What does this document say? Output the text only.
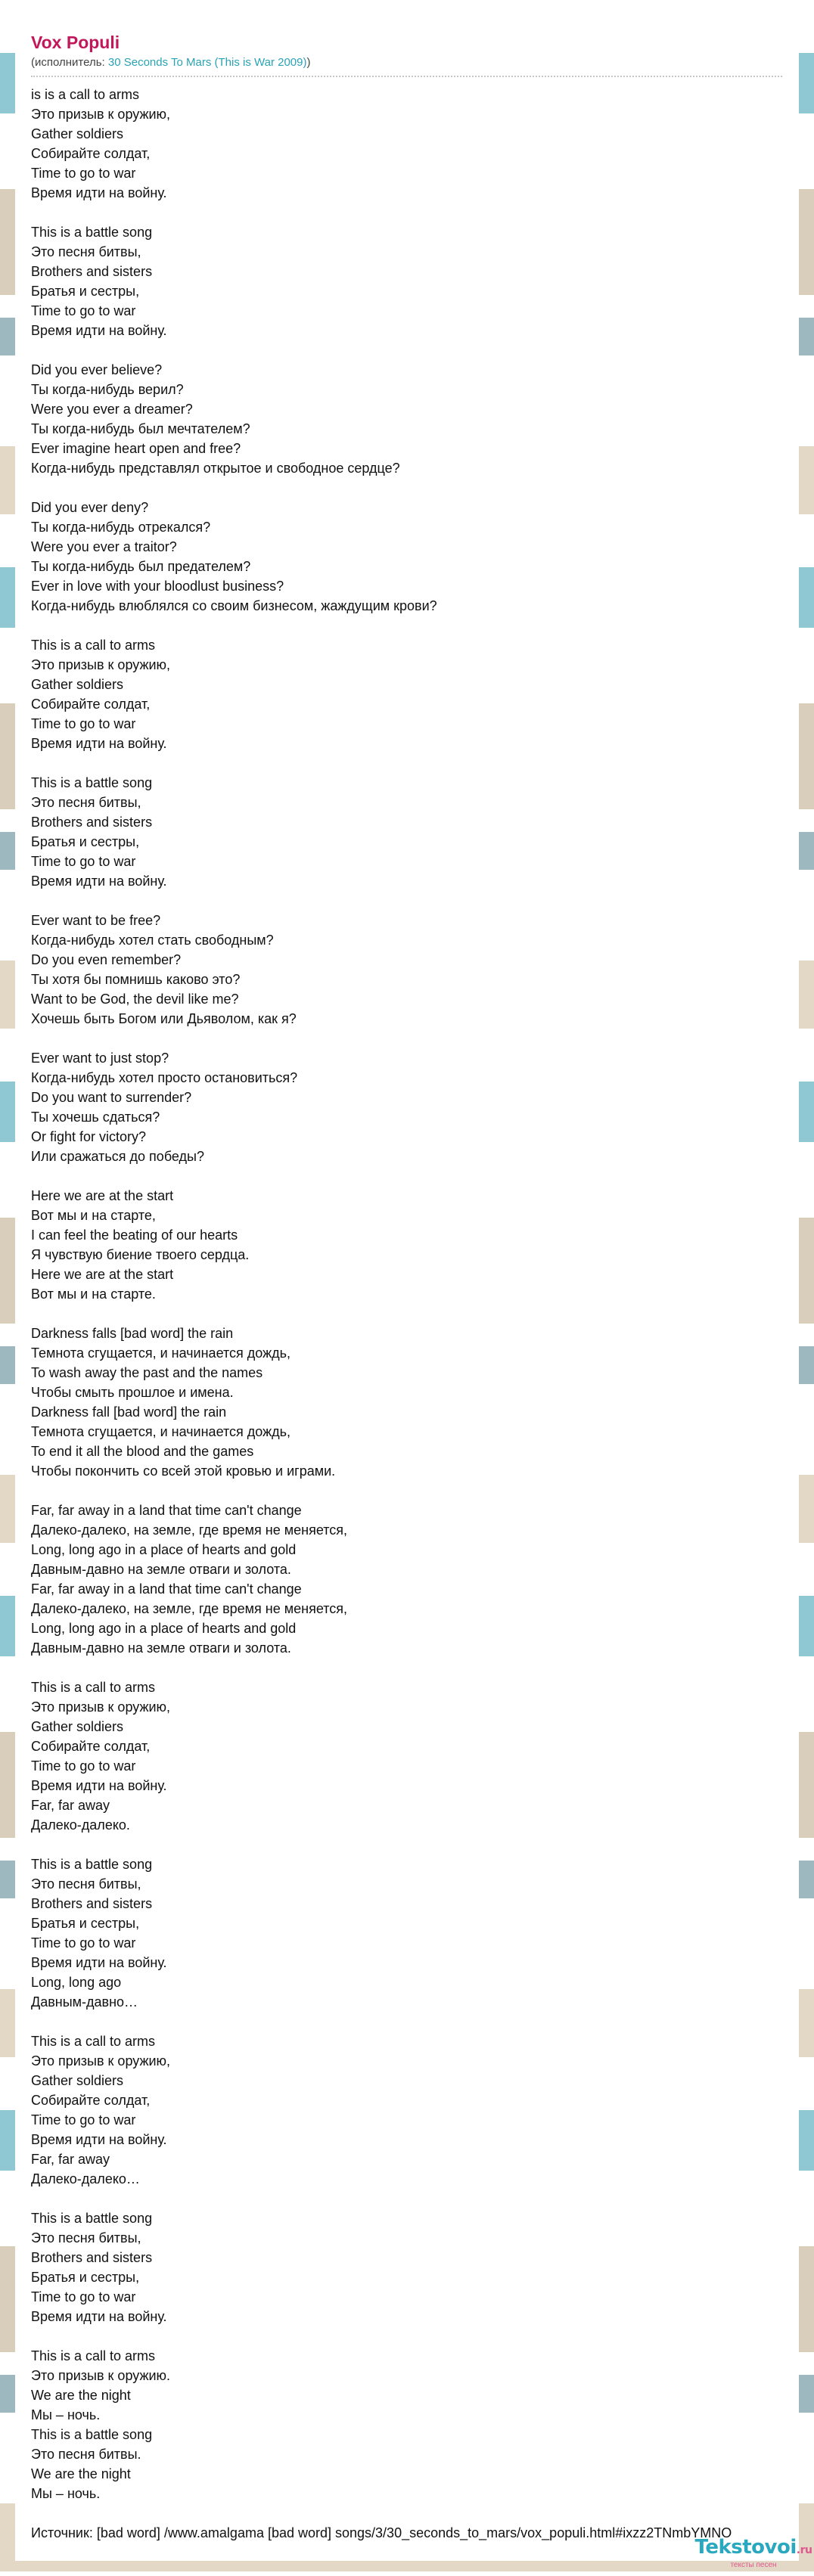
Vox Populi
(исполнитель: 30 Seconds To Mars (This is War 2009))
is is a call to arms
Это призыв к оружию,
Gather soldiers
Собирайте солдат,
Time to go to war
Время идти на войну.
This is a battle song
Это песня битвы,
Brothers and sisters
Братья и сестры,
Time to go to war
Время идти на войну.
Did you ever believe?
Ты когда-нибудь верил?
Were you ever a dreamer?
Ты когда-нибудь был мечтателем?
Ever imagine heart open and free?
Когда-нибудь представлял открытое и свободное сердце?
Did you ever deny?
Ты когда-нибудь отрекался?
Were you ever a traitor?
Ты когда-нибудь был предателем?
Ever in love with your bloodlust business?
Когда-нибудь влюблялся со своим бизнесом, жаждущим крови?
This is a call to arms
Это призыв к оружию,
Gather soldiers
Собирайте солдат,
Time to go to war
Время идти на войну.
This is a battle song
Это песня битвы,
Brothers and sisters
Братья и сестры,
Time to go to war
Время идти на войну.
Ever want to be free?
Когда-нибудь хотел стать свободным?
Do you even remember?
Ты хотя бы помнишь каково это?
Want to be God, the devil like me?
Хочешь быть Богом или Дьяволом, как я?
Ever want to just stop?
Когда-нибудь хотел просто остановиться?
Do you want to surrender?
Ты хочешь сдаться?
Or fight for victory?
Или сражаться до победы?
Here we are at the start
Вот мы и на старте,
I can feel the beating of our hearts
Я чувствую биение твоего сердца.
Here we are at the start
Вот мы и на старте.
Darkness falls [bad word] the rain
Темнота сгущается, и начинается дождь,
To wash away the past and the names
Чтобы смыть прошлое и имена.
Darkness fall [bad word] the rain
Темнота сгущается, и начинается дождь,
To end it all the blood and the games
Чтобы покончить со всей этой кровью и играми.
Far, far away in a land that time can't change
Далеко-далеко, на земле, где время не меняется,
Long, long ago in a place of hearts and gold
Давным-давно на земле отваги и золота.
Far, far away in a land that time can't change
Далеко-далеко, на земле, где время не меняется,
Long, long ago in a place of hearts and gold
Давным-давно на земле отваги и золота.
This is a call to arms
Это призыв к оружию,
Gather soldiers
Собирайте солдат,
Time to go to war
Время идти на войну.
Far, far away
Далеко-далеко.
This is a battle song
Это песня битвы,
Brothers and sisters
Братья и сестры,
Time to go to war
Время идти на войну.
Long, long ago
Давным-давно…
This is a call to arms
Это призыв к оружию,
Gather soldiers
Собирайте солдат,
Time to go to war
Время идти на войну.
Far, far away
Далеко-далеко…
This is a battle song
Это песня битвы,
Brothers and sisters
Братья и сестры,
Time to go to war
Время идти на войну.
This is a call to arms
Это призыв к оружию.
We are the night
Мы – ночь.
This is a battle song
Это песня битвы.
We are the night
Мы – ночь.
Источник: [bad word] /www.amalgama [bad word] songs/3/30_seconds_to_mars/vox_populi.html#ixzz2TNmbYMNO
Tekstovoi.ru
тексты песен
